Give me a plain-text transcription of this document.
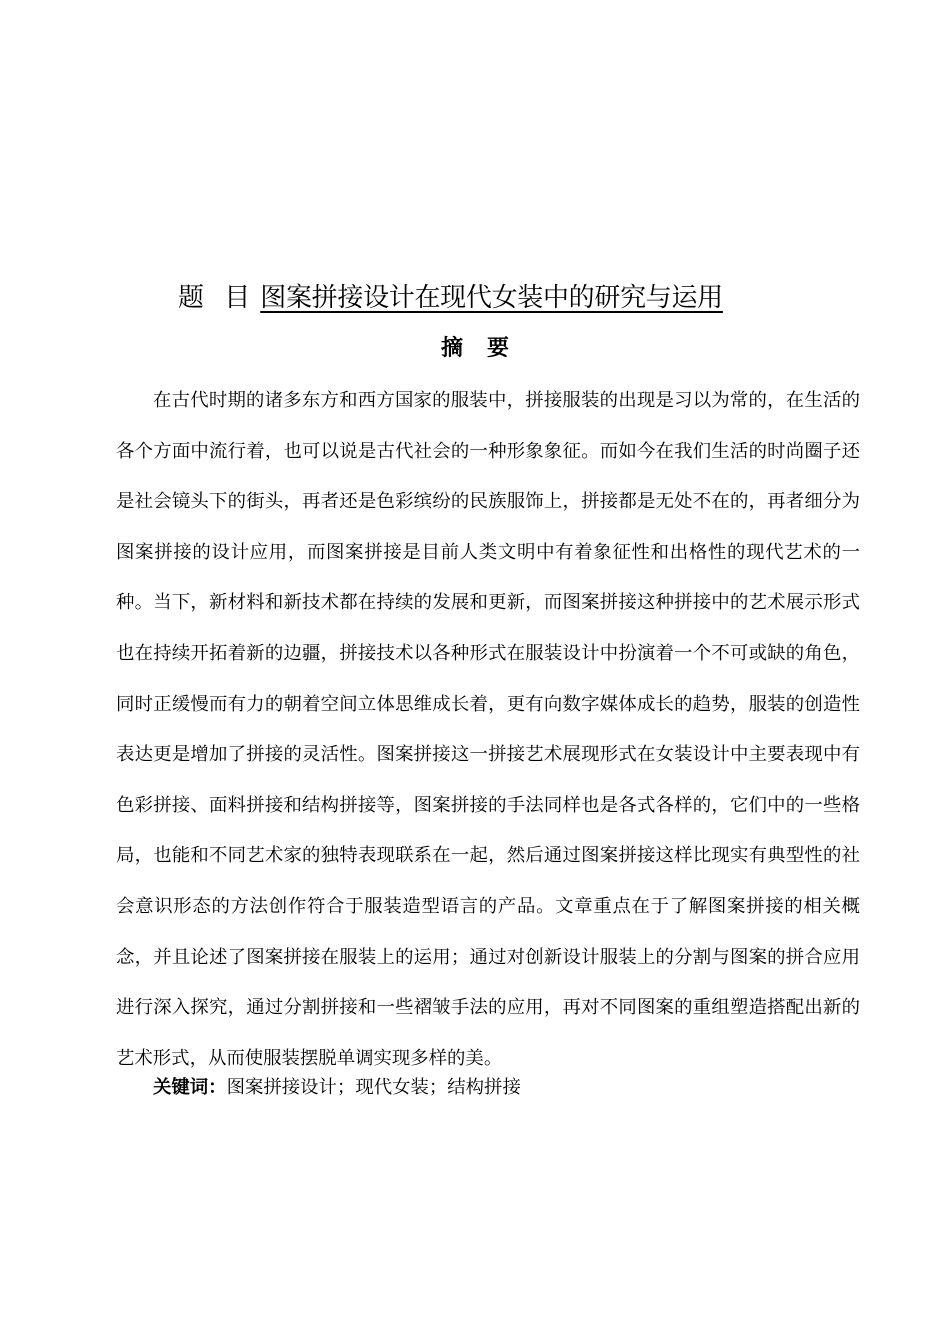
题 目图案拼接设计在现代女装中的研究与运用
摘要

在古代时期的诸多东方和西方国家的服装中，拼接服装的出现是习以为常的，在生活的各个方面中流行着，也可以说是古代社会的一种形象象征。而如今在我们生活的时尚圈子还是社会镜头下的街头，再者还是色彩缤纷的民族服饰上，拼接都是无处不在的，再者细分为图案拼接的设计应用，而图案拼接是目前人类文明中有着象征性和出格性的现代艺术的一种。当下，新材料和新技术都在持续的发展和更新，而图案拼接这种拼接中的艺术展示形式也在持续开拓着新的边疆，拼接技术以各种形式在服装设计中扮演着一个不可或缺的角色，同时正缓慢而有力的朝着空间立体思维成长着，更有向数字媒体成长的趋势，服装的创造性表达更是增加了拼接的灵活性。图案拼接这一拼接艺术展现形式在女装设计中主要表现中有色彩拼接、面料拼接和结构拼接等，图案拼接的手法同样也是各式各样的，它们中的一些格局，也能和不同艺术家的独特表现联系在一起，然后通过图案拼接这样比现实有典型性的社会意识形态的方法创作符合于服装造型语言的产品。文章重点在于了解图案拼接的相关概念，并且论述了图案拼接在服装上的运用；通过对创新设计服装上的分割与图案的拼合应用进行深入探究，通过分割拼接和一些褶皱手法的应用，再对不同图案的重组塑造搭配出新的艺术形式，从而使服装摆脱单调实现多样的美。

关键词：图案拼接设计；现代女装；结构拼接
